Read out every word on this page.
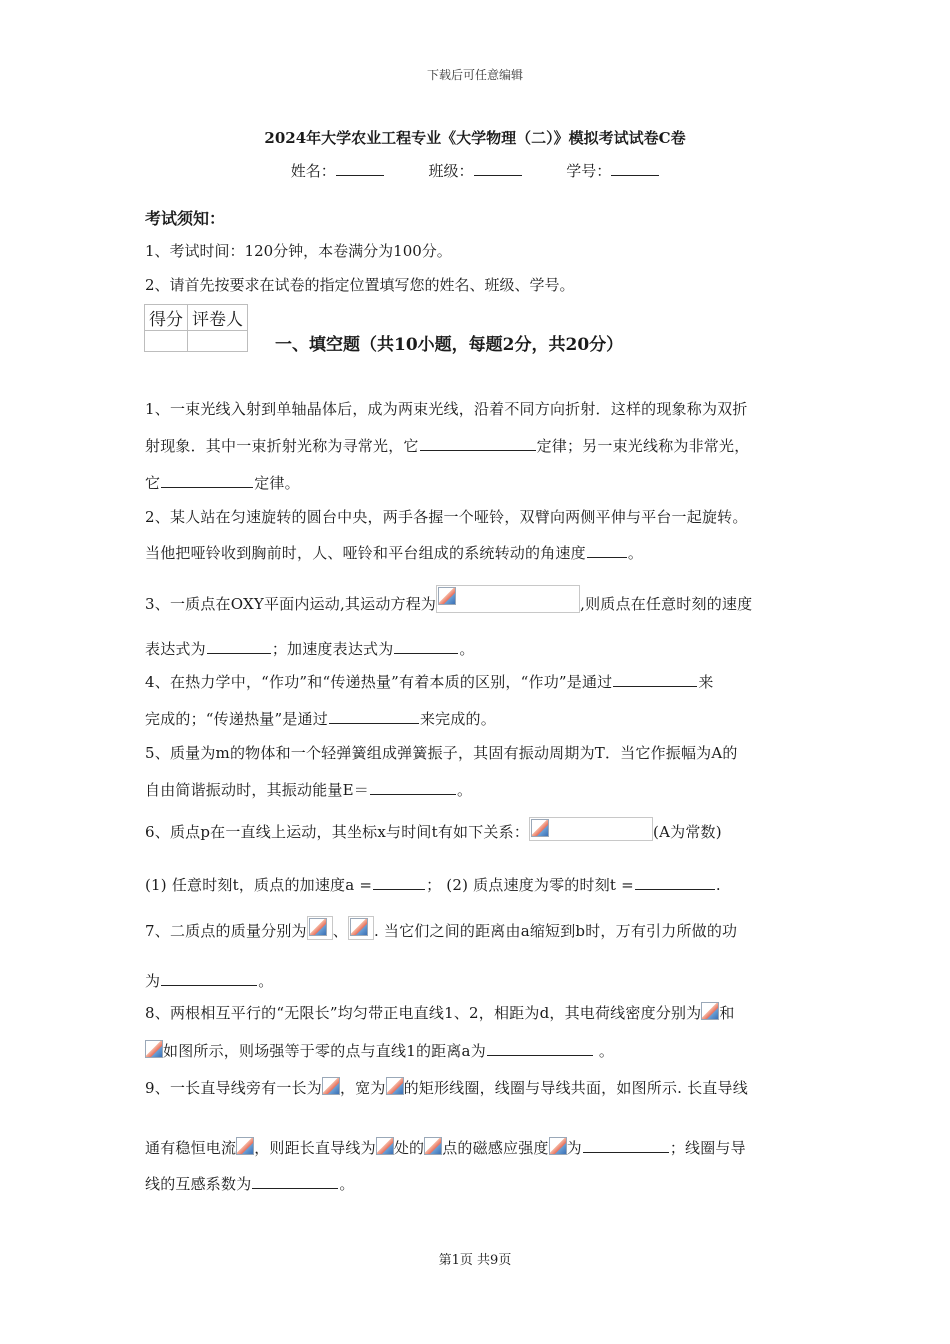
下载后可任意编辑
2024年大学农业工程专业《大学物理（二）》模拟考试试卷C卷
姓名：	班级：	学号：
考试须知：
1、考试时间：120分钟，本卷满分为100分。
2、请首先按要求在试卷的指定位置填写您的姓名、班级、学号。
得分	评卷人

一、填空题（共10小题，每题2分，共20分）
1、一束光线入射到单轴晶体后，成为两束光线，沿着不同方向折射．这样的现象称为双折
射现象．其中一束折射光称为寻常光，它	定律；另一束光线称为非常光，
它	定律。
2、某人站在匀速旋转的圆台中央，两手各握一个哑铃，双臂向两侧平伸与平台一起旋转。
当他把哑铃收到胸前时，人、哑铃和平台组成的系统转动的角速度	。
3、一质点在OXY平面内运动,其运动方程为	,则质点在任意时刻的速度
表达式为	；加速度表达式为	。
4、在热力学中，“作功”和“传递热量”有着本质的区别，“作功”是通过	来
完成的；“传递热量”是通过	来完成的。
5、质量为m的物体和一个轻弹簧组成弹簧振子，其固有振动周期为T．当它作振幅为A的
自由简谐振动时，其振动能量E＝	。
6、质点p在一直线上运动，其坐标x与时间t有如下关系：	(A为常数)
(1) 任意时刻t，质点的加速度a =	； (2) 质点速度为零的时刻t =	.
7、二质点的质量分别为 、 . 当它们之间的距离由a缩短到b时，万有引力所做的功
为	。
8、两根相互平行的“无限长”均匀带正电直线1、2，相距为d，其电荷线密度分别为 和
如图所示，则场强等于零的点与直线1的距离a为	。
9、一长直导线旁有一长为 ，宽为 的矩形线圈，线圈与导线共面，如图所示. 长直导线
通有稳恒电流 ，则距长直导线为 处的 点的磁感应强度 为	；线圈与导
线的互感系数为	。
第1页 共9页
